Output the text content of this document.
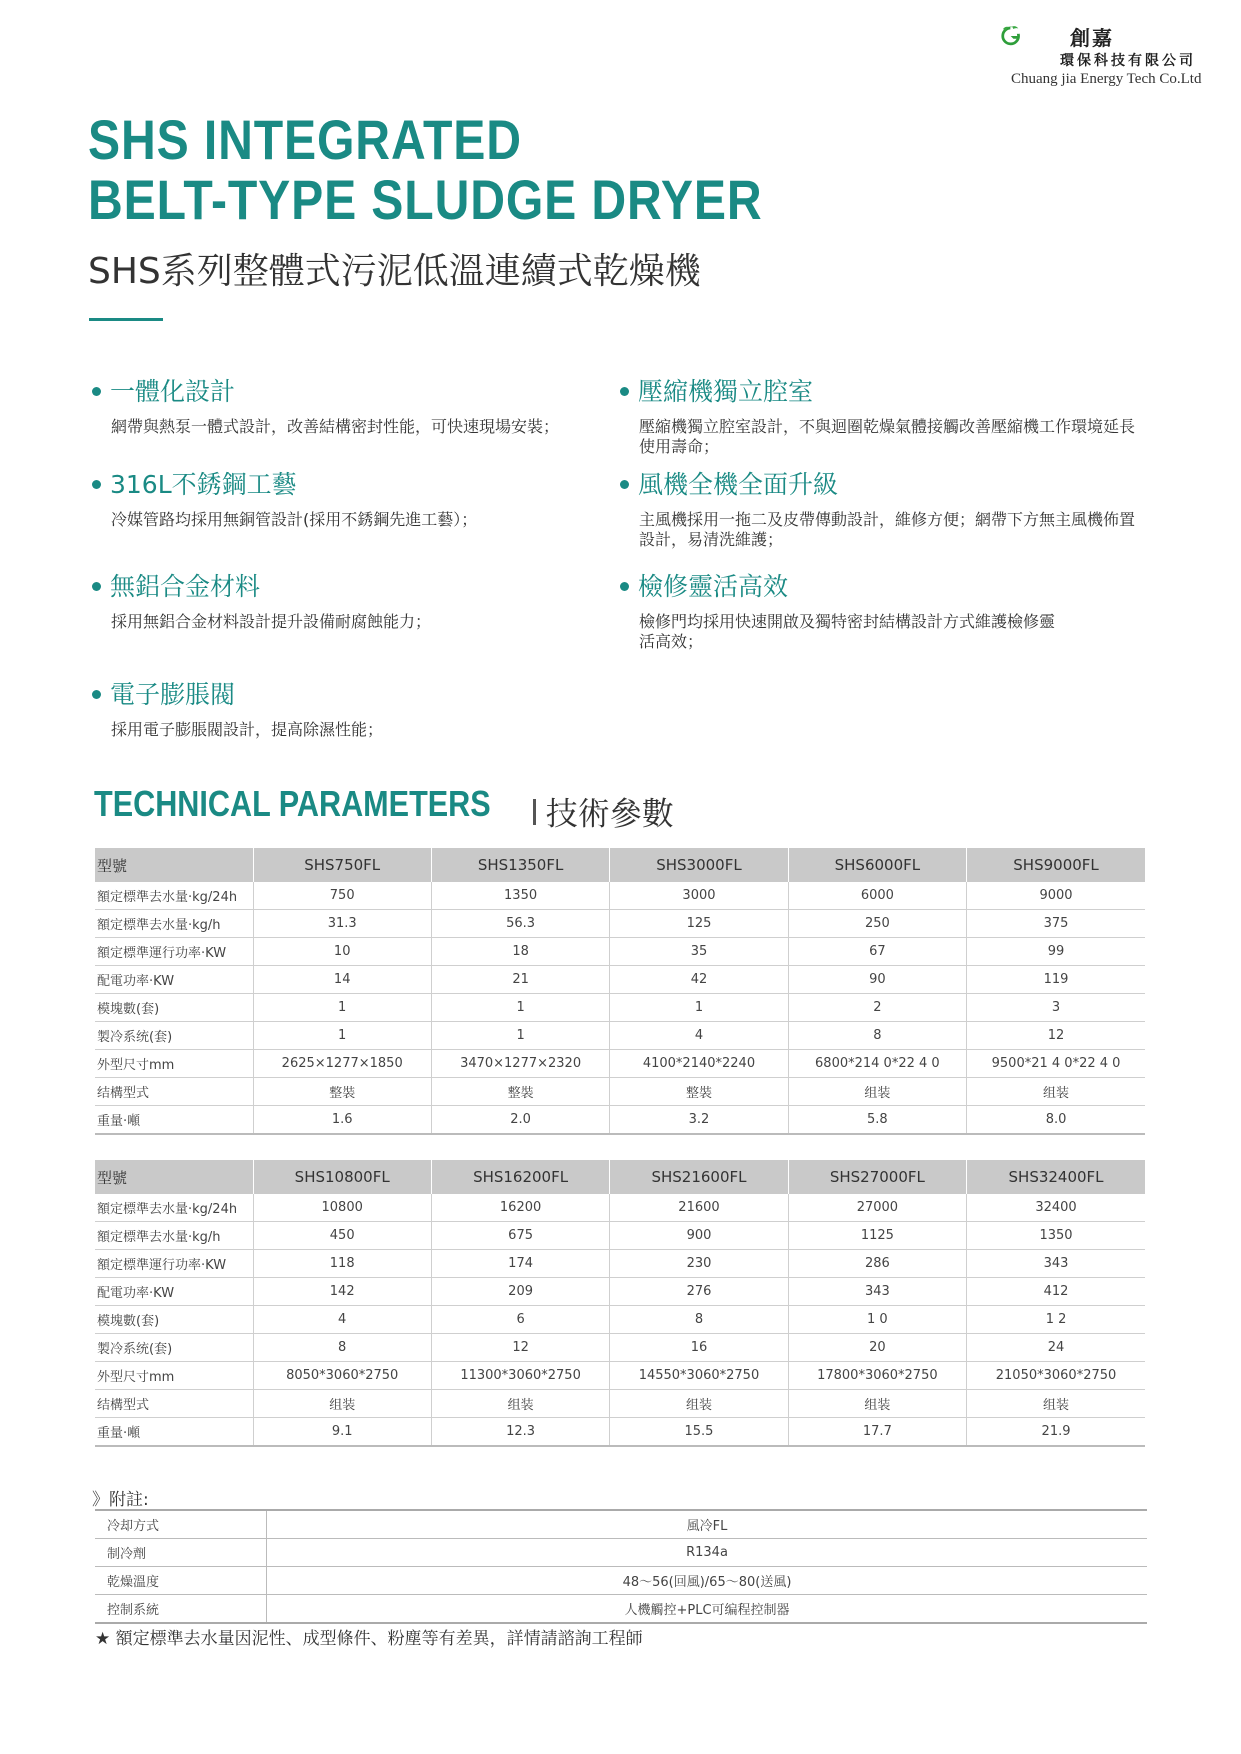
創嘉
環保科技有限公司
Chuang jia Energy Tech Co.Ltd
SHS INTEGRATED
BELT-TYPE SLUDGE DRYER
SHS系列整體式污泥低溫連續式乾燥機
一體化設計
網帶與熱泵一體式設計，改善結構密封性能，可快速現場安裝；
壓縮機獨立腔室
壓縮機獨立腔室設計，不與迴圈乾燥氣體接觸改善壓縮機工作環境延長使用壽命；
316L不銹鋼工藝
冷媒管路均採用無銅管設計(採用不銹鋼先進工藝）；
風機全機全面升級
主風機採用一拖二及皮帶傳動設計，維修方便；網帶下方無主風機佈置設計，易清洗維護；
無鋁合金材料
採用無鋁合金材料設計提升設備耐腐蝕能力；
檢修靈活高效
檢修門均採用快速開啟及獨特密封結構設計方式維護檢修靈活高效；
電子膨脹閥
採用電子膨脹閥設計，提高除濕性能；
TECHNICAL PARAMETERS 技術參數
型號	SHS750FL	SHS1350FL	SHS3000FL	SHS6000FL	SHS9000FL
額定標準去水量·kg/24h	750	1350	3000	6000	9000
額定標準去水量·kg/h	31.3	56.3	125	250	375
額定標準運行功率·KW	10	18	35	67	99
配電功率·KW	14	21	42	90	119
模塊數(套)	1	1	1	2	3
製冷系统(套)	1	1	4	8	12
外型尺寸mm	2625×1277×1850	3470×1277×2320	4100*2140*2240	6800*214 0*22 4 0	9500*21 4 0*22 4 0
结構型式	整裝	整裝	整裝	组装	组装
重量·噸	1.6	2.0	3.2	5.8	8.0
型號	SHS10800FL	SHS16200FL	SHS21600FL	SHS27000FL	SHS32400FL
額定標準去水量·kg/24h	10800	16200	21600	27000	32400
額定標準去水量·kg/h	450	675	900	1125	1350
額定標準運行功率·KW	118	174	230	286	343
配電功率·KW	142	209	276	343	412
模塊數(套)	4	6	8	1 0	1 2
製冷系统(套)	8	12	16	20	24
外型尺寸mm	8050*3060*2750	11300*3060*2750	14550*3060*2750	17800*3060*2750	21050*3060*2750
结構型式	组装	组装	组装	组装	组装
重量·噸	9.1	12.3	15.5	17.7	21.9
》附註:
冷却方式	風冷FL
制冷劑	R134a
乾燥溫度	48～56(回風)/65～80(送風)
控制系統	人機觸控+PLC可编程控制器
★ 額定標準去水量因泥性、成型條件、粉塵等有差異，詳情請諮詢工程師
